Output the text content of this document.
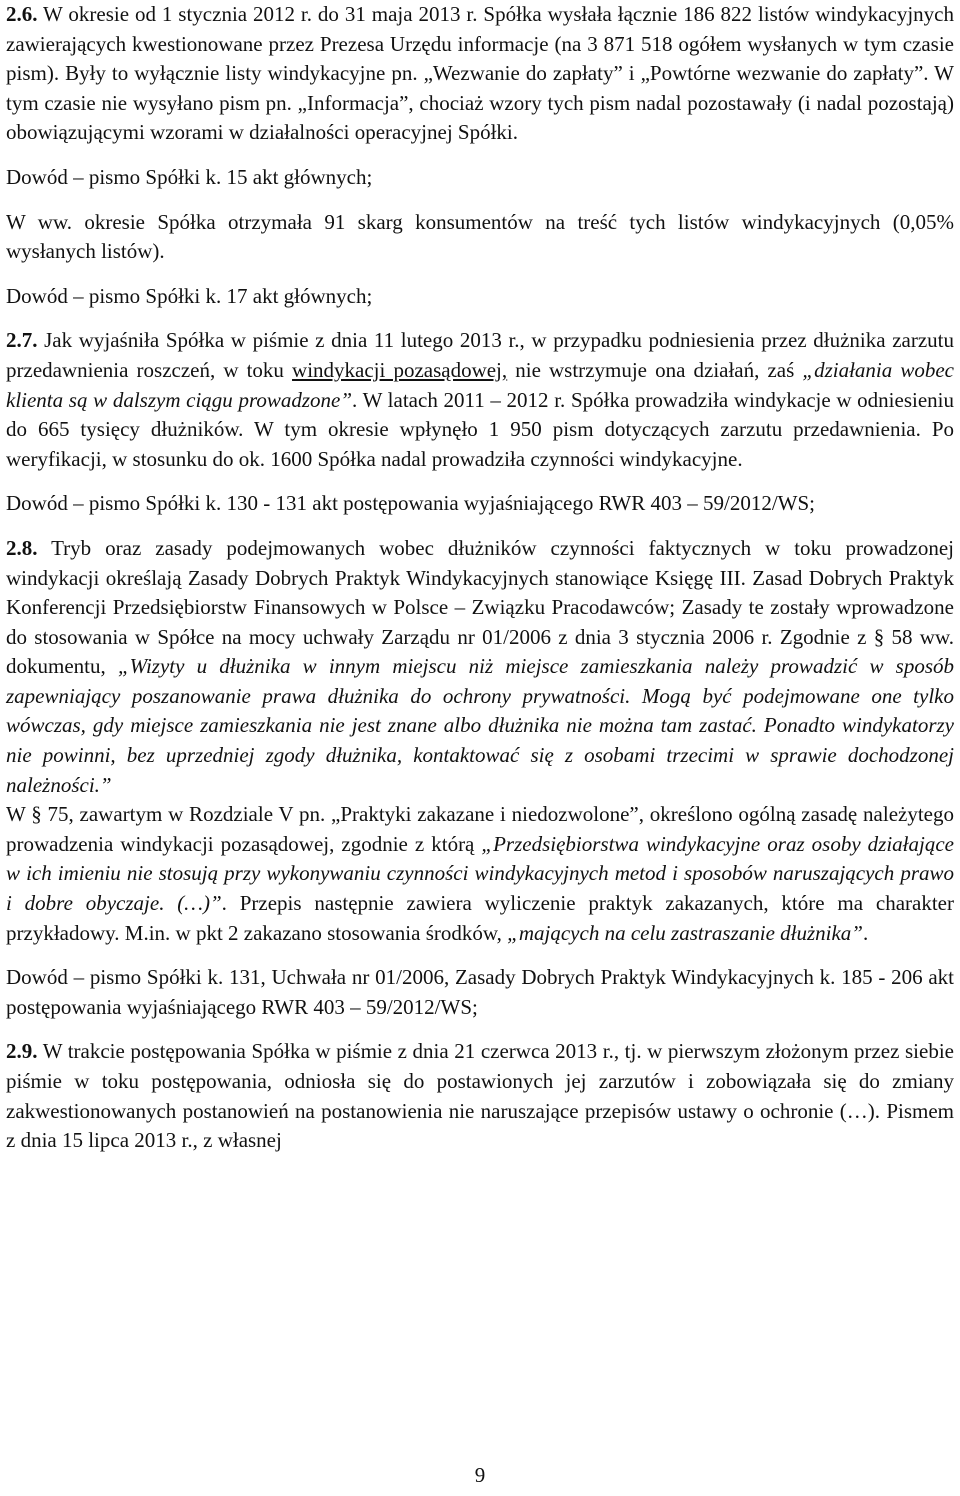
2.6. W okresie od 1 stycznia 2012 r. do 31 maja 2013 r. Spółka wysłała łącznie 186 822 listów windykacyjnych zawierających kwestionowane przez Prezesa Urzędu informacje (na 3 871 518 ogółem wysłanych w tym czasie pism). Były to wyłącznie listy windykacyjne pn. „Wezwanie do zapłaty” i „Powtórne wezwanie do zapłaty”. W tym czasie nie wysyłano pism pn. „Informacja”, chociaż wzory tych pism nadal pozostawały (i nadal pozostają) obowiązującymi wzorami w działalności operacyjnej Spółki.

Dowód – pismo Spółki k. 15 akt głównych;

W ww. okresie Spółka otrzymała 91 skarg konsumentów na treść tych listów windykacyjnych (0,05% wysłanych listów).

Dowód – pismo Spółki k. 17 akt głównych;

2.7. Jak wyjaśniła Spółka w piśmie z dnia 11 lutego 2013 r., w przypadku podniesienia przez dłużnika zarzutu przedawnienia roszczeń, w toku windykacji pozasądowej, nie wstrzymuje ona działań, zaś „działania wobec klienta są w dalszym ciągu prowadzone”. W latach 2011 – 2012 r. Spółka prowadziła windykacje w odniesieniu do 665 tysięcy dłużników. W tym okresie wpłynęło 1 950 pism dotyczących zarzutu przedawnienia. Po weryfikacji, w stosunku do ok. 1600 Spółka nadal prowadziła czynności windykacyjne.

Dowód – pismo Spółki k. 130 - 131 akt postępowania wyjaśniającego RWR 403 – 59/2012/WS;

2.8. Tryb oraz zasady podejmowanych wobec dłużników czynności faktycznych w toku prowadzonej windykacji określają Zasady Dobrych Praktyk Windykacyjnych stanowiące Księgę III. Zasad Dobrych Praktyk Konferencji Przedsiębiorstw Finansowych w Polsce – Związku Pracodawców; Zasady te zostały wprowadzone do stosowania w Spółce na mocy uchwały Zarządu nr 01/2006 z dnia 3 stycznia 2006 r. Zgodnie z § 58 ww. dokumentu, „Wizyty u dłużnika w innym miejscu niż miejsce zamieszkania należy prowadzić w sposób zapewniający poszanowanie prawa dłużnika do ochrony prywatności. Mogą być podejmowane one tylko wówczas, gdy miejsce zamieszkania nie jest znane albo dłużnika nie można tam zastać. Ponadto windykatorzy nie powinni, bez uprzedniej zgody dłużnika, kontaktować się z osobami trzecimi w sprawie dochodzonej należności.”

W § 75, zawartym w Rozdziale V pn. „Praktyki zakazane i niedozwolone”, określono ogólną zasadę należytego prowadzenia windykacji pozasądowej, zgodnie z którą „Przedsiębiorstwa windykacyjne oraz osoby działające w ich imieniu nie stosują przy wykonywaniu czynności windykacyjnych metod i sposobów naruszających prawo i dobre obyczaje. (…)”. Przepis następnie zawiera wyliczenie praktyk zakazanych, które ma charakter przykładowy. M.in. w pkt 2 zakazano stosowania środków, „mających na celu zastraszanie dłużnika”.

Dowód – pismo Spółki k. 131, Uchwała nr 01/2006, Zasady Dobrych Praktyk Windykacyjnych k. 185 - 206 akt postępowania wyjaśniającego RWR 403 – 59/2012/WS;

2.9. W trakcie postępowania Spółka w piśmie z dnia 21 czerwca 2013 r., tj. w pierwszym złożonym przez siebie piśmie w toku postępowania, odniosła się do postawionych jej zarzutów i zobowiązała się do zmiany zakwestionowanych postanowień na postanowienia nie naruszające przepisów ustawy o ochronie (…). Pismem z dnia 15 lipca 2013 r., z własnej

9
